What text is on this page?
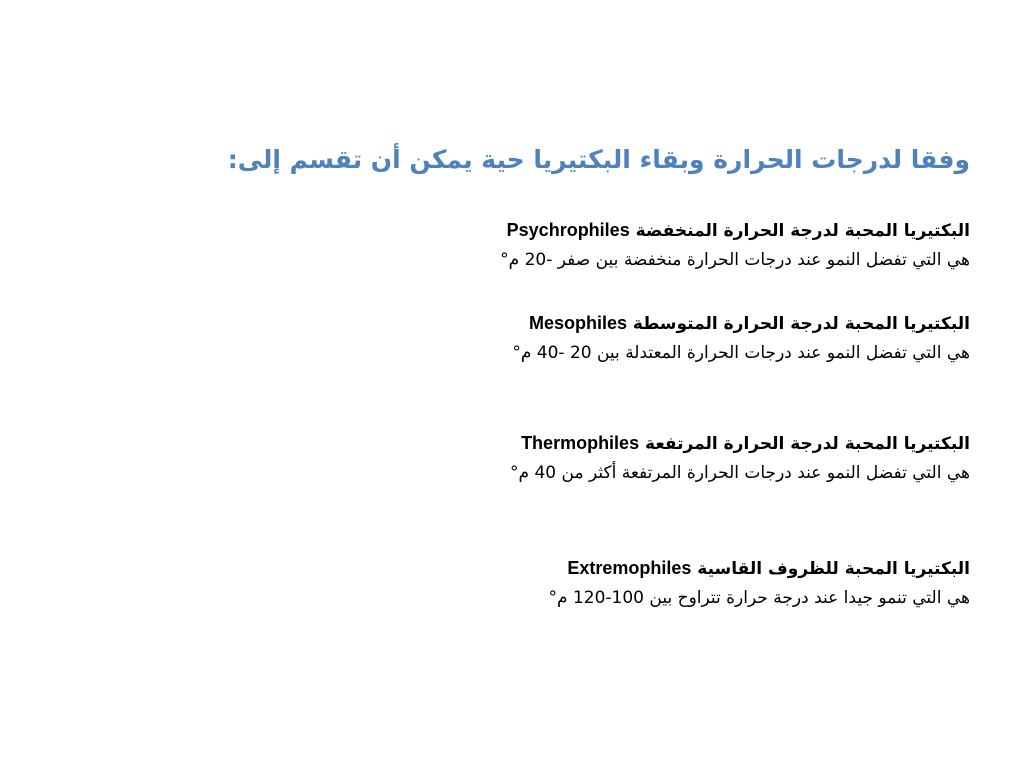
وفقا لدرجات الحرارة وبقاء البكتيريا حية يمكن أن تقسم إلى:
البكتيريا المحبة لدرجة الحرارة المنخفضة Psychrophiles
هي التي تفضل النمو عند درجات الحرارة منخفضة بين صفر -20 م°
البكتيريا المحبة لدرجة الحرارة المتوسطة Mesophiles
هي التي تفضل النمو عند درجات الحرارة المعتدلة بين 20 -40 م°
البكتيريا المحبة لدرجة الحرارة المرتفعة Thermophiles
هي التي تفضل النمو عند درجات الحرارة المرتفعة أكثر من 40 م°
البكتيريا المحبة للظروف القاسية Extremophiles
هي التي تنمو جيدا عند درجة حرارة تتراوح بين 100-120 م°
